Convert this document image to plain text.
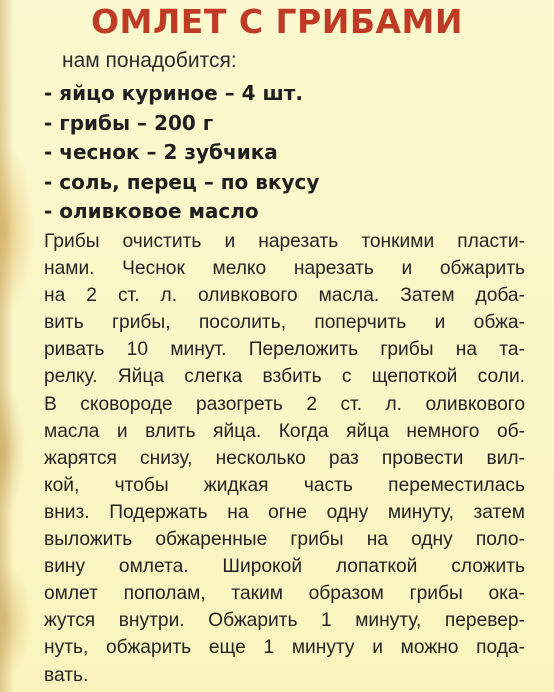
ОМЛЕТ С ГРИБАМИ
нам понадобится:
- яйцо куриное – 4 шт.
- грибы – 200 г
- чеснок – 2 зубчика
- соль, перец – по вкусу
- оливковое масло
Грибы очистить и нарезать тонкими пласти-
нами. Чеснок мелко нарезать и обжарить
на 2 ст. л. оливкового масла. Затем доба-
вить грибы, посолить, поперчить и обжа-
ривать 10 минут. Переложить грибы на та-
релку. Яйца слегка взбить с щепоткой соли.
В сковороде разогреть 2 ст. л. оливкового
масла и влить яйца. Когда яйца немного об-
жарятся снизу, несколько раз провести вил-
кой, чтобы жидкая часть переместилась
вниз. Подержать на огне одну минуту, затем
выложить обжаренные грибы на одну поло-
вину омлета. Широкой лопаткой сложить
омлет пополам, таким образом грибы ока-
жутся внутри. Обжарить 1 минуту, перевер-
нуть, обжарить еще 1 минуту и можно пода-
вать.
